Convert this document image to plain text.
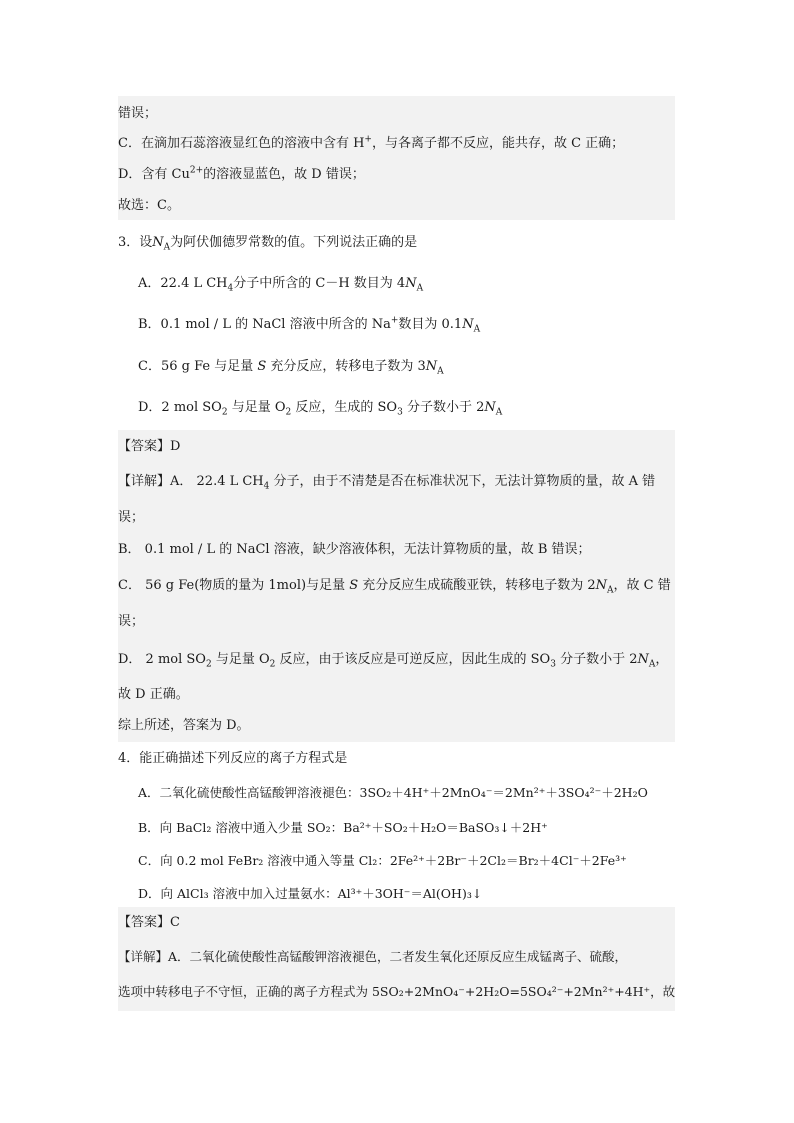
错误；
C．在滴加石蕊溶液显红色的溶液中含有 H+，与各离子都不反应，能共存，故 C 正确；
D．含有 $Cu^{2+}$的溶液显蓝色，故 D 错误；
故选：C。
3．设$N_A$为阿伏伽德罗常数的值。下列说法正确的是
A．22.4 L $CH_4$分子中所含的 C－H 数目为 $4N_A$
B．0.1 mol / L 的 NaCl 溶液中所含的 Na+数目为 $0.1N_A$
C．56 g Fe 与足量 S 充分反应，转移电子数为 $3N_A$
D．2 mol $SO_2$ 与足量 $O_2$ 反应，生成的 $SO_3$ 分子数小于 $2N_A$
【答案】D
【详解】A． 22.4 L $CH_4$ 分子，由于不清楚是否在标准状况下，无法计算物质的量，故 A 错
误；
B． 0.1 mol / L 的 NaCl 溶液，缺少溶液体积，无法计算物质的量，故 B 错误；
C． 56 g Fe(物质的量为 1mol)与足量 S 充分反应生成硫酸亚铁，转移电子数为 $2N_A$，故 C 错
误；
D． 2 mol $SO_2$ 与足量 $O_2$ 反应，由于该反应是可逆反应，因此生成的 $SO_3$ 分子数小于 $2N_A$，
故 D 正确。
综上所述，答案为 D。
4．能正确描述下列反应的离子方程式是
A．二氧化硫使酸性高锰酸钾溶液褪色：3SO₂＋4H⁺＋2MnO₄⁻＝2Mn²⁺＋3SO₄²⁻＋2H₂O
B．向 BaCl₂ 溶液中通入少量 SO₂：Ba²⁺＋SO₂＋H₂O＝BaSO₃↓＋2H⁺
C．向 0.2 mol FeBr₂ 溶液中通入等量 Cl₂：2Fe²⁺＋2Br⁻＋2Cl₂＝Br₂＋4Cl⁻＋2Fe³⁺
D．向 AlCl₃ 溶液中加入过量氨水：Al³⁺＋3OH⁻＝Al(OH)₃↓
【答案】C
【详解】A．二氧化硫使酸性高锰酸钾溶液褪色，二者发生氧化还原反应生成锰离子、硫酸，
选项中转移电子不守恒，正确的离子方程式为 5SO₂+2MnO₄⁻+2H₂O=5SO₄²⁻+2Mn²⁺+4H⁺，故
